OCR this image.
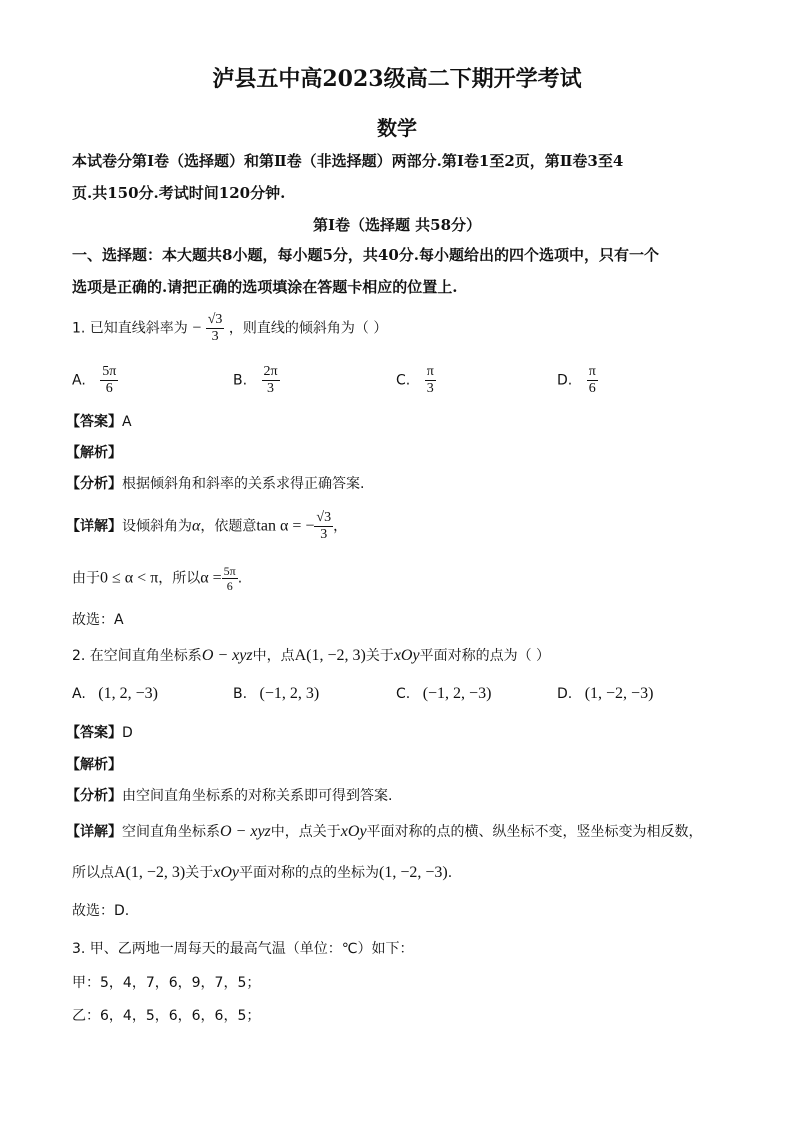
泸县五中高2023级高二下期开学考试
数学
本试卷分第Ⅰ卷（选择题）和第Ⅱ卷（非选择题）两部分.第Ⅰ卷1至2页，第Ⅱ卷3至4
页.共150分.考试时间120分钟.
第Ⅰ卷（选择题 共58分）
一、选择题：本大题共8小题，每小题5分，共40分.每小题给出的四个选项中，只有一个
选项是正确的.请把正确的选项填涂在答题卡相应的位置上.
1. 已知直线斜率为 − $\frac{√3}{3}$ ，则直线的倾斜角为（ ）
A. $\frac{5\pi}{6}$	B. $\frac{2\pi}{3}$	C. $\frac{\pi}{3}$	D. $\frac{\pi}{6}$
【答案】A
【解析】
【分析】根据倾斜角和斜率的关系求得正确答案.
【详解】设倾斜角为α，依题意tan α = − $\frac{√3}{3}$ ，
由于0 ≤ α < π，所以$\alpha = \frac{5\pi}{6}$ .
故选：A
2. 在空间直角坐标系O − xyz中，点A(1, −2, 3)关于xOy平面对称的点为（ ）
A. (1, 2, −3)	B. (−1, 2, 3)	C. (−1, 2, −3)	D. (1, −2, −3)
【答案】D
【解析】
【分析】由空间直角坐标系的对称关系即可得到答案.
【详解】空间直角坐标系O − xyz中，点关于xOy平面对称的点的横、纵坐标不变，竖坐标变为相反数，
所以点A(1, −2, 3)关于xOy平面对称的点的坐标为(1, −2, −3).
故选：D.
3. 甲、乙两地一周每天的最高气温（单位：℃）如下：
甲：5，4，7，6，9，7，5；
乙：6，4，5，6，6，6，5；
